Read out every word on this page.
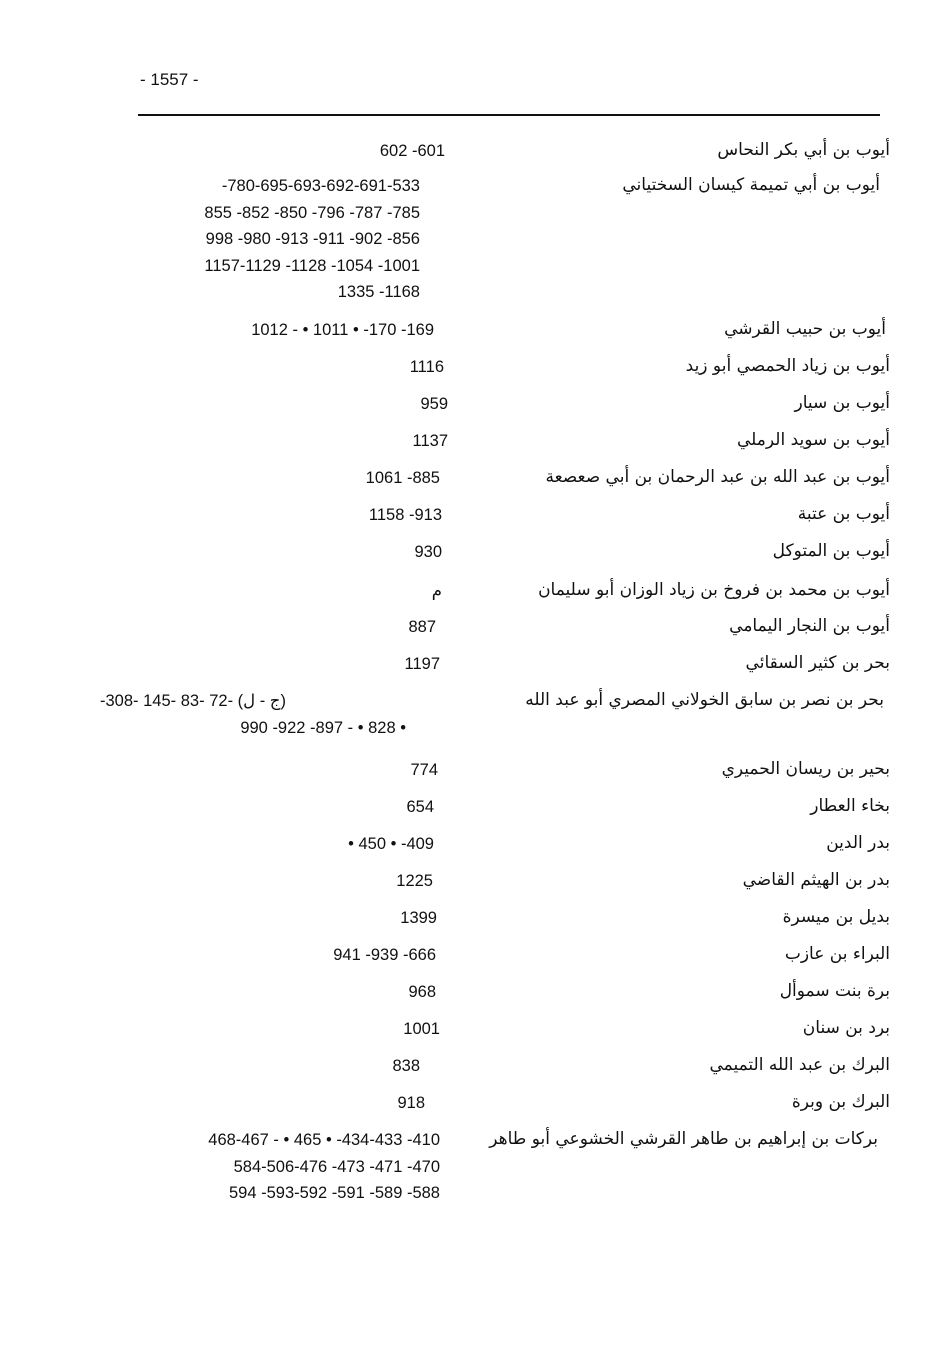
- 1557 -
أيوب بن أبي بكر النحاس
602 -601
أيوب بن أبي تميمة كيسان السختياني
-780-695-693-692-691-533
855 -852 -850 -796 -787 -785
998 -980 -913 -911 -902 -856
1157-1129 -1128 -1054 -1001
1335 -1168
أيوب بن حبيب القرشي
1012 - • 1011 • -170 -169
أيوب بن زياد الحمصي أبو زيد
1116
أيوب بن سيار
959
أيوب بن سويد الرملي
1137
أيوب بن عبد الله بن عبد الرحمان بن أبي صعصعة
1061 -885
أيوب بن عتبة
1158 -913
أيوب بن المتوكل
930
أيوب بن محمد بن فروخ بن زياد الوزان أبو سليمان
م
أيوب بن النجار اليمامي
887
بحر بن كثير السقائي
1197
بحر بن نصر بن سابق الخولاني المصري أبو عبد الله
(ج - ل) -72 -83 -145 -308-
990 -922 -897 - • 828 •
بحير بن ريسان الحميري
774
بخاء العطار
654
بدر الدين
• 450 • -409
بدر بن الهيثم القاضي
1225
بديل بن ميسرة
1399
البراء بن عازب
941 -939 -666
برة بنت سموأل
968
برد بن سنان
1001
البرك بن عبد الله التميمي
838
البرك بن وبرة
918
بركات بن إبراهيم بن طاهر القرشي الخشوعي أبو طاهر
468-467 - • 465 • -434-433 -410
584-506-476 -473 -471 -470
594 -593-592 -591 -589 -588
